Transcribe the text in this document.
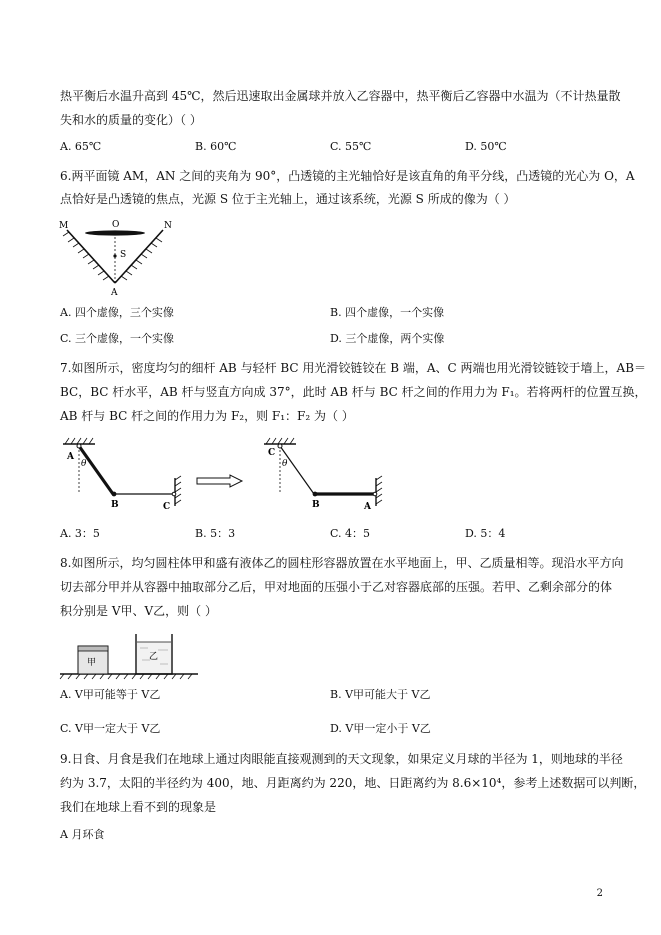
热平衡后水温升高到 45℃，然后迅速取出金属球并放入乙容器中，热平衡后乙容器中水温为（不计热量散
失和水的质量的变化）（ ）
A. 65℃	B. 60℃	C. 55℃	D. 50℃
6.两平面镜 AM，AN 之间的夹角为 90°，凸透镜的主光轴恰好是该直角的角平分线，凸透镜的光心为 O，A
点恰好是凸透镜的焦点，光源 S 位于主光轴上，通过该系统，光源 S 所成的像为（ ）
M	O	N
S
A
A. 四个虚像，三个实像	B. 四个虚像，一个实像
C. 三个虚像，一个实像	D. 三个虚像，两个实像
7.如图所示，密度均匀的细杆 AB 与轻杆 BC 用光滑铰链铰在 B 端，A、C 两端也用光滑铰链铰于墙上，AB＝
BC，BC 杆水平，AB 杆与竖直方向成 37°，此时 AB 杆与 BC 杆之间的作用力为 F₁。若将两杆的位置互换，
AB 杆与 BC 杆之间的作用力为 F₂，则 F₁：F₂ 为（ ）
A
θ
B	C
C
θ
B	A
A. 3：5	B. 5：3	C. 4：5	D. 5：4
8.如图所示，均匀圆柱体甲和盛有液体乙的圆柱形容器放置在水平地面上，甲、乙质量相等。现沿水平方向
切去部分甲并从容器中抽取部分乙后，甲对地面的压强小于乙对容器底部的压强。若甲、乙剩余部分的体
积分别是 V甲、V乙，则（ ）
甲
乙
A. V甲可能等于 V乙	B. V甲可能大于 V乙
C. V甲一定大于 V乙	D. V甲一定小于 V乙
9.日食、月食是我们在地球上通过肉眼能直接观测到的天文现象，如果定义月球的半径为 1，则地球的半径
约为 3.7，太阳的半径约为 400，地、月距离约为 220，地、日距离约为 8.6×10⁴，参考上述数据可以判断，
我们在地球上看不到的现象是
A 月环食
2
